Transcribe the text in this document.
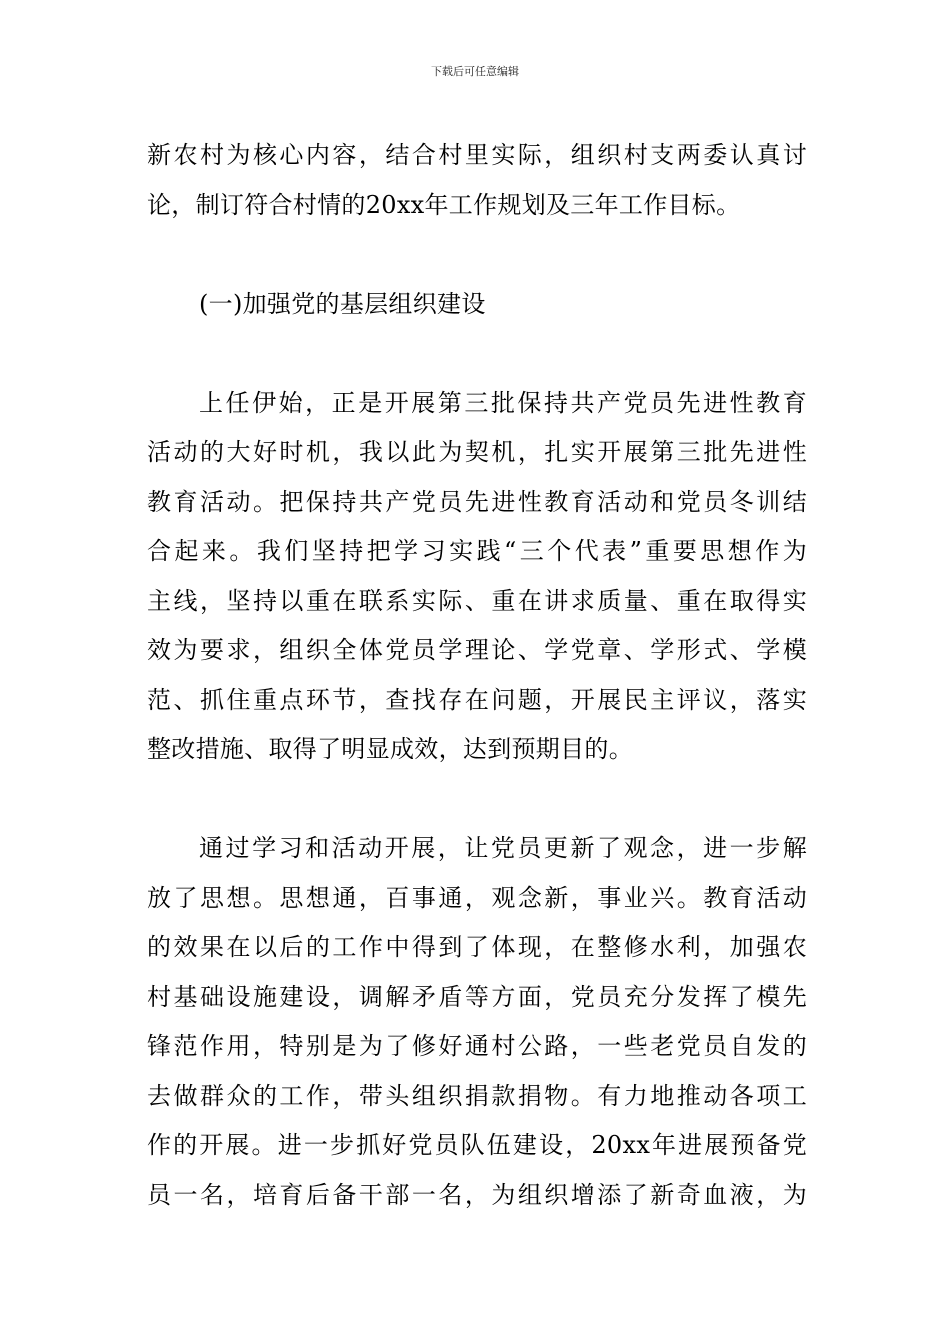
下载后可任意编辑
新农村为核心内容，结合村里实际，组织村支两委认真讨
论，制订符合村情的20xx年工作规划及三年工作目标。
(一)加强党的基层组织建设
上任伊始，正是开展第三批保持共产党员先进性教育
活动的大好时机，我以此为契机，扎实开展第三批先进性
教育活动。把保持共产党员先进性教育活动和党员冬训结
合起来。我们坚持把学习实践“三个代表”重要思想作为
主线，坚持以重在联系实际、重在讲求质量、重在取得实
效为要求，组织全体党员学理论、学党章、学形式、学模
范、抓住重点环节，查找存在问题，开展民主评议，落实
整改措施、取得了明显成效，达到预期目的。
通过学习和活动开展，让党员更新了观念，进一步解
放了思想。思想通，百事通，观念新，事业兴。教育活动
的效果在以后的工作中得到了体现，在整修水利，加强农
村基础设施建设，调解矛盾等方面，党员充分发挥了模先
锋范作用，特别是为了修好通村公路，一些老党员自发的
去做群众的工作，带头组织捐款捐物。有力地推动各项工
作的开展。进一步抓好党员队伍建设，20xx年进展预备党
员一名，培育后备干部一名，为组织增添了新奇血液，为
